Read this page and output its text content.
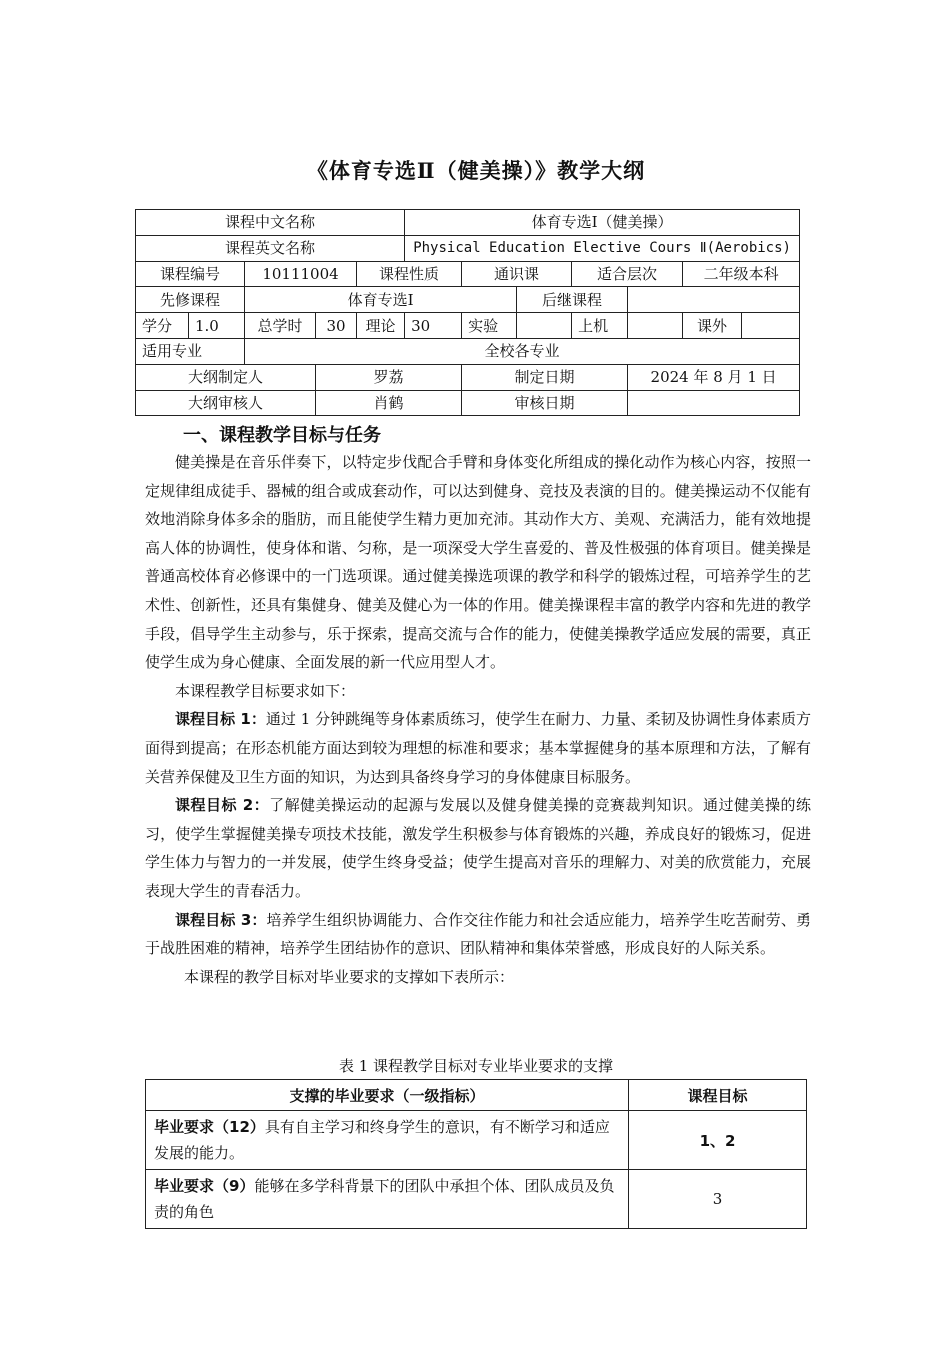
《体育专选Ⅱ（健美操）》教学大纲
课程中文名称					体育专选Ⅰ（健美操）						
课程英文名称					Physical Education Elective Cours Ⅱ(Aerobics)						
课程编号		10111004		课程性质		通识课		适合层次		二年级本科	
先修课程		体育专选Ⅰ					后继课程				
学分	1.0	总学时	30	理论	30	实验		上机		课外	
适用专业		全校各专业									
大纲制定人			罗荔			制定日期			2024 年 8 月 1 日		
大纲审核人			肖鹤			审核日期					
一、课程教学目标与任务

健美操是在音乐伴奏下，以特定步伐配合手臂和身体变化所组成的操化动作为核心内容，按照一定规律组成徒手、器械的组合或成套动作，可以达到健身、竞技及表演的目的。健美操运动不仅能有效地消除身体多余的脂肪，而且能使学生精力更加充沛。其动作大方、美观、充满活力，能有效地提高人体的协调性，使身体和谐、匀称，是一项深受大学生喜爱的、普及性极强的体育项目。健美操是普通高校体育必修课中的一门选项课。通过健美操选项课的教学和科学的锻炼过程，可培养学生的艺术性、创新性，还具有集健身、健美及健心为一体的作用。健美操课程丰富的教学内容和先进的教学手段，倡导学生主动参与，乐于探索，提高交流与合作的能力，使健美操教学适应发展的需要，真正使学生成为身心健康、全面发展的新一代应用型人才。

本课程教学目标要求如下：

课程目标 1：通过 1 分钟跳绳等身体素质练习，使学生在耐力、力量、柔韧及协调性身体素质方面得到提高；在形态机能方面达到较为理想的标准和要求；基本掌握健身的基本原理和方法，了解有关营养保健及卫生方面的知识，为达到具备终身学习的身体健康目标服务。

课程目标 2：了解健美操运动的起源与发展以及健身健美操的竞赛裁判知识。通过健美操的练习，使学生掌握健美操专项技术技能，激发学生积极参与体育锻炼的兴趣，养成良好的锻炼习，促进学生体力与智力的一并发展，使学生终身受益；使学生提高对音乐的理解力、对美的欣赏能力，充展表现大学生的青春活力。

课程目标 3：培养学生组织协调能力、合作交往作能力和社会适应能力，培养学生吃苦耐劳、勇于战胜困难的精神，培养学生团结协作的意识、团队精神和集体荣誉感，形成良好的人际关系。

本课程的教学目标对毕业要求的支撑如下表所示：

表 1 课程教学目标对专业毕业要求的支撑
支撑的毕业要求（一级指标）	课程目标
毕业要求（12）具有自主学习和终身学生的意识，有不断学习和适应发展的能力。	1、2
毕业要求（9）能够在多学科背景下的团队中承担个体、团队成员及负责的角色	3
